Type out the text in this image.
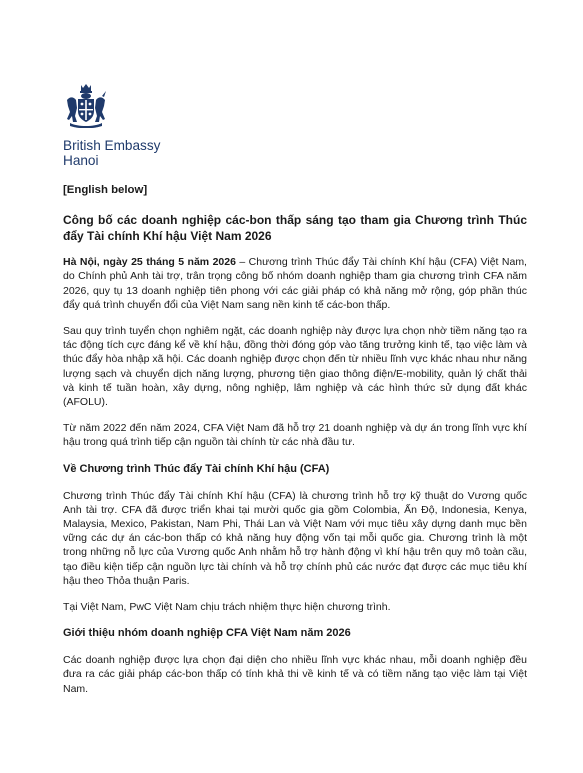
British Embassy
Hanoi

[English below]

Công bố các doanh nghiệp các-bon thấp sáng tạo tham gia Chương trình Thúc đẩy Tài chính Khí hậu Việt Nam 2026

Hà Nội, ngày 25 tháng 5 năm 2026 – Chương trình Thúc đẩy Tài chính Khí hậu (CFA) Việt Nam, do Chính phủ Anh tài trợ, trân trọng công bố nhóm doanh nghiệp tham gia chương trình CFA năm 2026, quy tụ 13 doanh nghiệp tiên phong với các giải pháp có khả năng mở rộng, góp phần thúc đẩy quá trình chuyển đổi của Việt Nam sang nền kinh tế các-bon thấp.

Sau quy trình tuyển chọn nghiêm ngặt, các doanh nghiệp này được lựa chọn nhờ tiềm năng tạo ra tác động tích cực đáng kể về khí hậu, đồng thời đóng góp vào tăng trưởng kinh tế, tạo việc làm và thúc đẩy hòa nhập xã hội. Các doanh nghiệp được chọn đến từ nhiều lĩnh vực khác nhau như năng lượng sạch và chuyển dịch năng lượng, phương tiện giao thông điện/E-mobility, quản lý chất thải và kinh tế tuần hoàn, xây dựng, nông nghiệp, lâm nghiệp và các hình thức sử dụng đất khác (AFOLU).

Từ năm 2022 đến năm 2024, CFA Việt Nam đã hỗ trợ 21 doanh nghiệp và dự án trong lĩnh vực khí hậu trong quá trình tiếp cận nguồn tài chính từ các nhà đầu tư.

Về Chương trình Thúc đẩy Tài chính Khí hậu (CFA)

Chương trình Thúc đẩy Tài chính Khí hậu (CFA) là chương trình hỗ trợ kỹ thuật do Vương quốc Anh tài trợ. CFA đã được triển khai tại mười quốc gia gồm Colombia, Ấn Độ, Indonesia, Kenya, Malaysia, Mexico, Pakistan, Nam Phi, Thái Lan và Việt Nam với mục tiêu xây dựng danh mục bền vững các dự án các-bon thấp có khả năng huy động vốn tại mỗi quốc gia. Chương trình là một trong những nỗ lực của Vương quốc Anh nhằm hỗ trợ hành động vì khí hậu trên quy mô toàn cầu, tạo điều kiện tiếp cận nguồn lực tài chính và hỗ trợ chính phủ các nước đạt được các mục tiêu khí hậu theo Thỏa thuận Paris.

Tại Việt Nam, PwC Việt Nam chịu trách nhiệm thực hiện chương trình.

Giới thiệu nhóm doanh nghiệp CFA Việt Nam năm 2026

Các doanh nghiệp được lựa chọn đại diện cho nhiều lĩnh vực khác nhau, mỗi doanh nghiệp đều đưa ra các giải pháp các-bon thấp có tính khả thi về kinh tế và có tiềm năng tạo việc làm tại Việt Nam.
